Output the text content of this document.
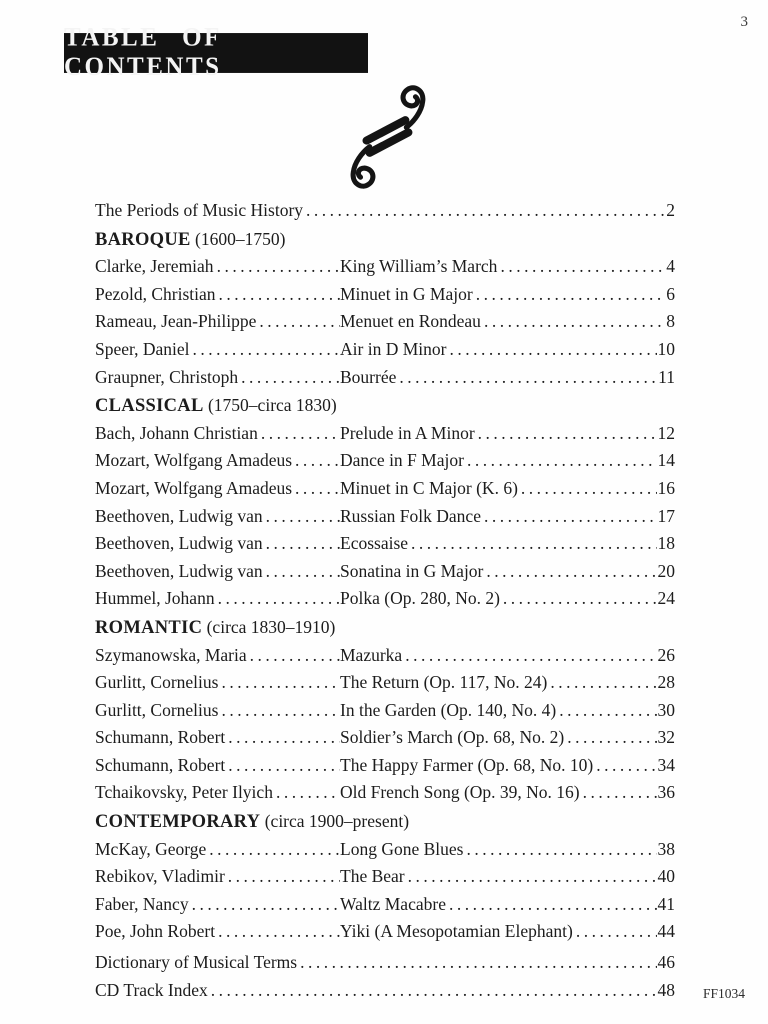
3
TABLE OF CONTENTS
The Periods of Music History .....	2
BAROQUE (1600–1750)
Clarke, Jeremiah .....	King William’s March .....	4
Pezold, Christian .....	Minuet in G Major .....	6
Rameau, Jean-Philippe .....	Menuet en Rondeau .....	8
Speer, Daniel .....	Air in D Minor .....	10
Graupner, Christoph .....	Bourrée .....	11
CLASSICAL (1750–circa 1830)
Bach, Johann Christian .....	Prelude in A Minor .....	12
Mozart, Wolfgang Amadeus .....	Dance in F Major .....	14
Mozart, Wolfgang Amadeus .....	Minuet in C Major (K. 6) .....	16
Beethoven, Ludwig van .....	Russian Folk Dance .....	17
Beethoven, Ludwig van .....	Ecossaise .....	18
Beethoven, Ludwig van .....	Sonatina in G Major .....	20
Hummel, Johann .....	Polka (Op. 280, No. 2) .....	24
ROMANTIC (circa 1830–1910)
Szymanowska, Maria .....	Mazurka .....	26
Gurlitt, Cornelius .....	The Return (Op. 117, No. 24) .....	28
Gurlitt, Cornelius .....	In the Garden (Op. 140, No. 4) .....	30
Schumann, Robert .....	Soldier’s March (Op. 68, No. 2) .....	32
Schumann, Robert .....	The Happy Farmer (Op. 68, No. 10) .....	34
Tchaikovsky, Peter Ilyich .....	Old French Song (Op. 39, No. 16) .....	36
CONTEMPORARY (circa 1900–present)
McKay, George .....	Long Gone Blues .....	38
Rebikov, Vladimir .....	The Bear .....	40
Faber, Nancy .....	Waltz Macabre .....	41
Poe, John Robert .....	Yiki (A Mesopotamian Elephant) .....	44
Dictionary of Musical Terms .....	46
CD Track Index .....	48 FF1034
